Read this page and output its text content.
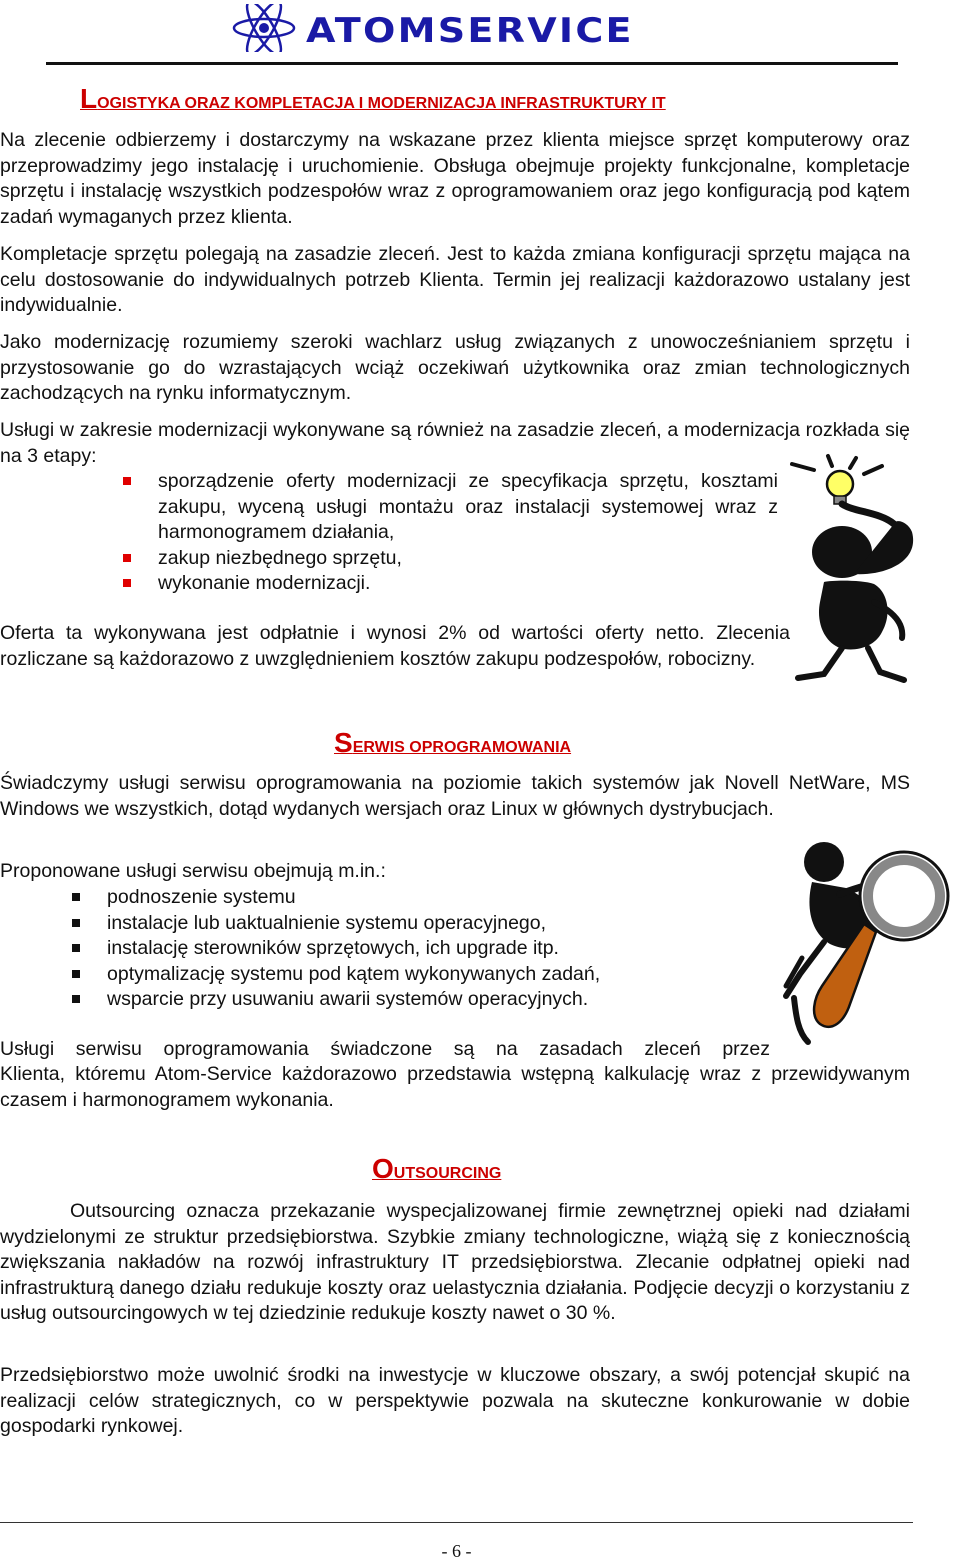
ATOMSERVICE
LOGISTYKA ORAZ KOMPLETACJA I MODERNIZACJA INFRASTRUKTURY IT

Na zlecenie odbierzemy i dostarczymy na wskazane przez klienta miejsce sprzęt komputerowy oraz przeprowadzimy jego instalację i uruchomienie. Obsługa obejmuje projekty funkcjonalne, kompletacje sprzętu i instalację wszystkich podzespołów wraz z oprogramowaniem oraz jego konfiguracją pod kątem zadań wymaganych przez klienta.

Kompletacje sprzętu polegają na zasadzie zleceń. Jest to każda zmiana konfiguracji sprzętu mająca na celu dostosowanie do indywidualnych potrzeb Klienta. Termin jej realizacji każdorazowo ustalany jest indywidualnie.

Jako modernizację rozumiemy szeroki wachlarz usług związanych z unowocześnianiem sprzętu i przystosowanie go do wzrastających wciąż oczekiwań użytkownika oraz zmian technologicznych zachodzących na rynku informatycznym.

Usługi w zakresie modernizacji wykonywane są również na zasadzie zleceń, a modernizacja rozkłada się na 3 etapy:

sporządzenie oferty modernizacji ze specyfikacja sprzętu, kosztami zakupu, wyceną usługi montażu oraz instalacji systemowej wraz z harmonogramem działania,
zakup niezbędnego sprzętu,
wykonanie modernizacji.

Oferta ta wykonywana jest odpłatnie i wynosi 2% od wartości oferty netto. Zlecenia rozliczane są każdorazowo z uwzględnieniem kosztów zakupu podzespołów, robocizny.

SERWIS OPROGRAMOWANIA

Świadczymy usługi serwisu oprogramowania na poziomie takich systemów jak Novell NetWare, MS Windows we wszystkich, dotąd wydanych wersjach oraz Linux w głównych dystrybucjach.

Proponowane usługi serwisu obejmują m.in.:

podnoszenie systemu
instalacje lub uaktualnienie systemu operacyjnego,
instalację sterowników sprzętowych, ich upgrade itp.
optymalizację systemu pod kątem wykonywanych zadań,
wsparcie przy usuwaniu awarii systemów operacyjnych.

Usługi serwisu oprogramowania świadczone są na zasadach zleceń przez

Klienta, któremu Atom-Service każdorazowo przedstawia wstępną kalkulację wraz z przewidywanym czasem i harmonogramem wykonania.

OUTSOURCING

Outsourcing oznacza przekazanie wyspecjalizowanej firmie zewnętrznej opieki nad działami wydzielonymi ze struktur przedsiębiorstwa. Szybkie zmiany technologiczne, wiążą się z koniecznością zwiększania nakładów na rozwój infrastruktury IT przedsiębiorstwa. Zlecanie odpłatnej opieki nad infrastrukturą danego działu redukuje koszty oraz uelastycznia działania. Podjęcie decyzji o korzystaniu z usług outsourcingowych w tej dziedzinie redukuje koszty nawet o 30 %.

Przedsiębiorstwo może uwolnić środki na inwestycje w kluczowe obszary, a swój potencjał skupić na realizacji celów strategicznych, co w perspektywie pozwala na skuteczne konkurowanie w dobie gospodarki rynkowej.

- 6 -
